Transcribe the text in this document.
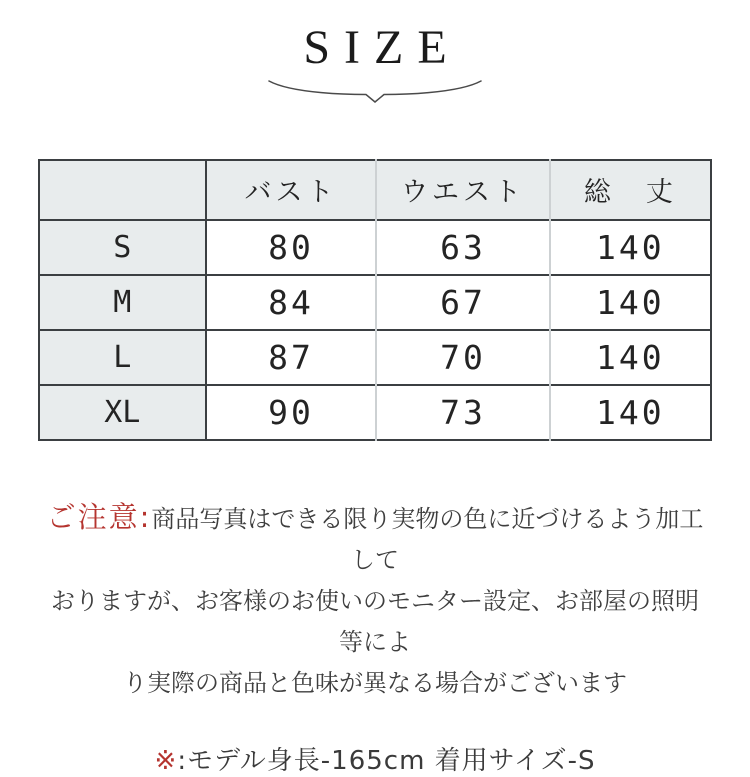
SIZE
	バスト	ウエスト	総　丈
S	80	63	140
M	84	67	140
L	87	70	140
XL	90	73	140
ご注意:商品写真はできる限り実物の色に近づけるよう加工して
おりますが、お客様のお使いのモニター設定、お部屋の照明等によ
り実際の商品と色味が異なる場合がございます
※:モデル身長-165cm 着用サイズ-S
